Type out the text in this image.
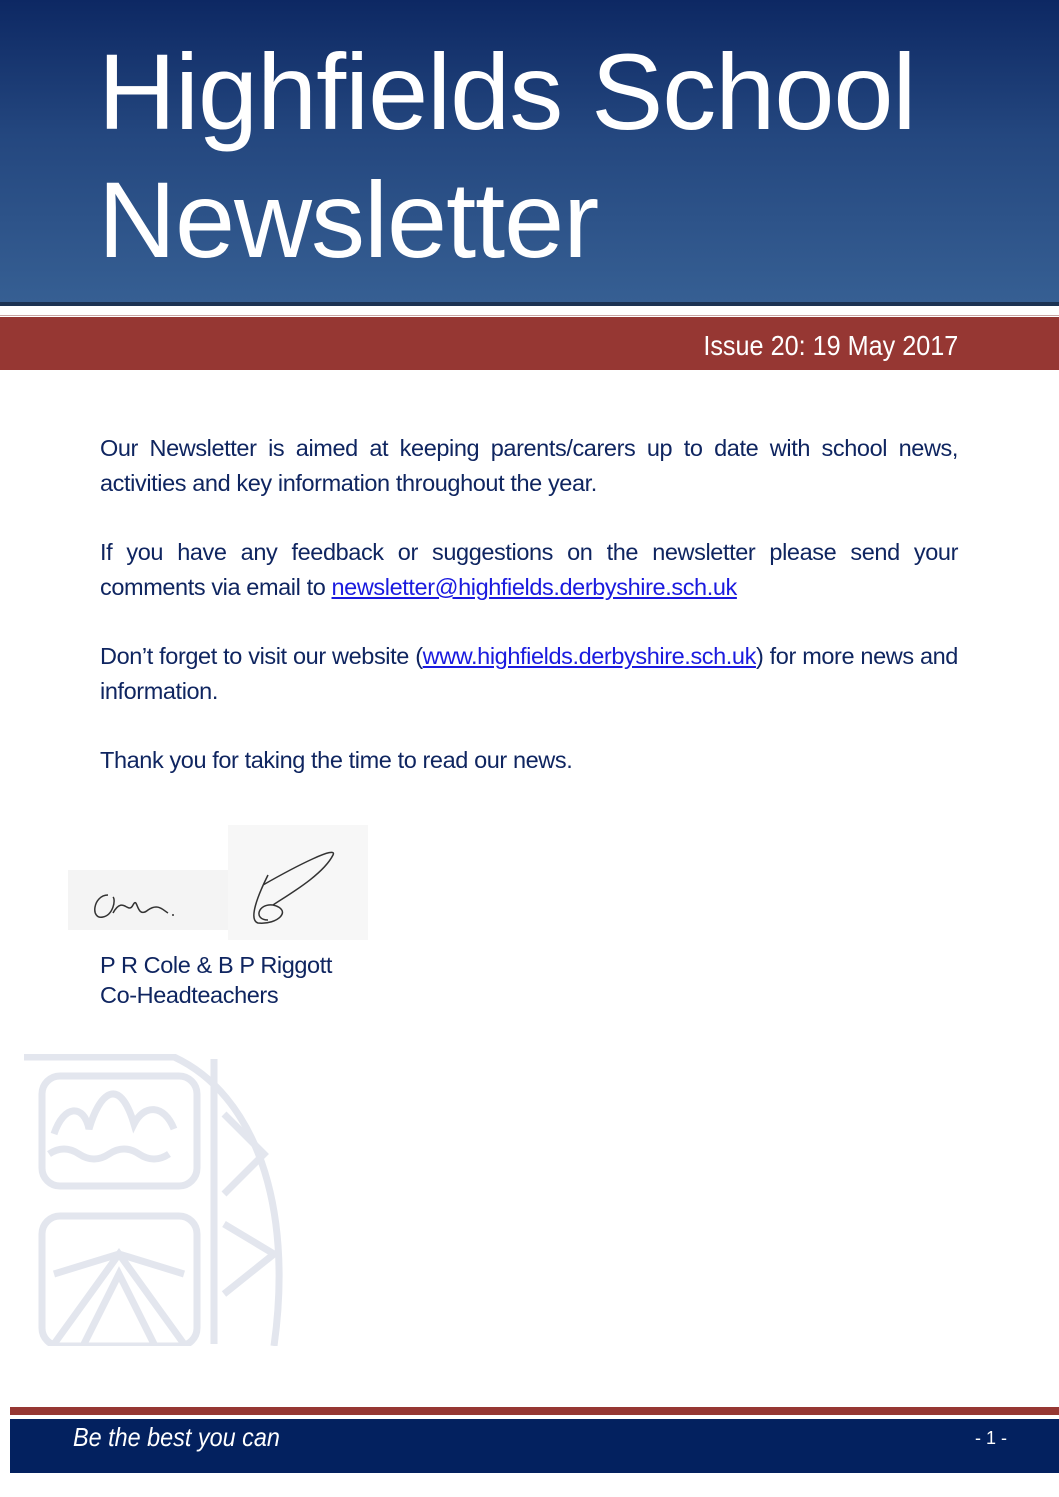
Highfields School
Newsletter
Issue 20: 19 May 2017

Our Newsletter is aimed at keeping parents/carers up to date with school news, activities and key information throughout the year.

If you have any feedback or suggestions on the newsletter please send your comments via email to newsletter@highfields.derbyshire.sch.uk

Don’t forget to visit our website (www.highfields.derbyshire.sch.uk) for more news and information.

Thank you for taking the time to read our news.

P R Cole & B P Riggott
Co-Headteachers
Be the best you can	- 1 -
